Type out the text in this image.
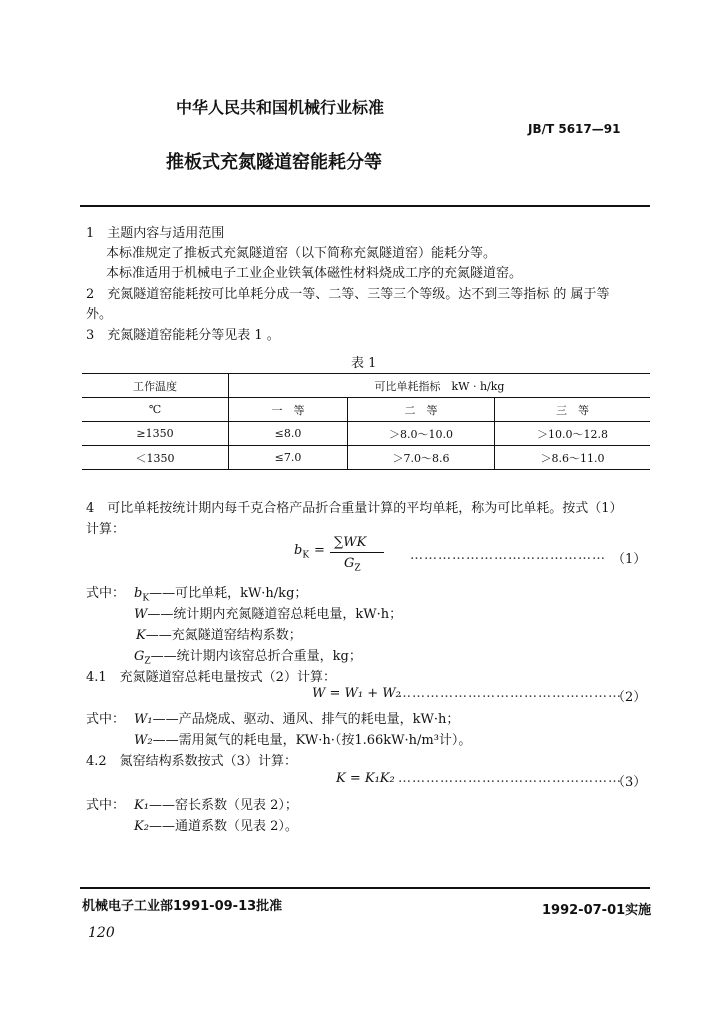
中华人民共和国机械行业标准
JB/T 5617—91
推板式充氮隧道窑能耗分等
1　主题内容与适用范围
本标准规定了推板式充氮隧道窑（以下简称充氮隧道窑）能耗分等。
本标准适用于机械电子工业企业铁氧体磁性材料烧成工序的充氮隧道窑。
2　充氮隧道窑能耗按可比单耗分成一等、二等、三等三个等级。达不到三等指标 的 属于等
外。
3　充氮隧道窑能耗分等见表 1 。
表 1
工作温度	可比单耗指标　kW · h/kg		
℃	一　等	二　等	三　等
≥1350	≤8.0	＞8.0～10.0	＞10.0～12.8
＜1350	≤7.0	＞7.0～8.6	＞8.6～11.0
4　可比单耗按统计期内每千克合格产品折合重量计算的平均单耗，称为可比单耗。按式（1）
计算：
$b_K$ =
∑WK
$G_Z$
…………………………………… （1）
式中： $b_K——$可比单耗，kW·h/kg；
W——统计期内充氮隧道窑总耗电量，kW·h；
K——充氮隧道窑结构系数；
$G_Z——$统计期内该窑总折合重量，kg；
4.1　充氮隧道窑总耗电量按式（2）计算：
W = W₁ + W₂
…………………………………………
（2）
式中： W₁——产品烧成、驱动、通风、排气的耗电量，kW·h；
W₂——需用氮气的耗电量，KW·h·（按1.66kW·h/m³计）。
4.2　氮窑结构系数按式（3）计算：
K = K₁K₂ …………………………………………
（3）
式中： K₁——窑长系数（见表 2）；
K₂——通道系数（见表 2）。
机械电子工业部1991-09-13批准	1992-07-01实施
120
